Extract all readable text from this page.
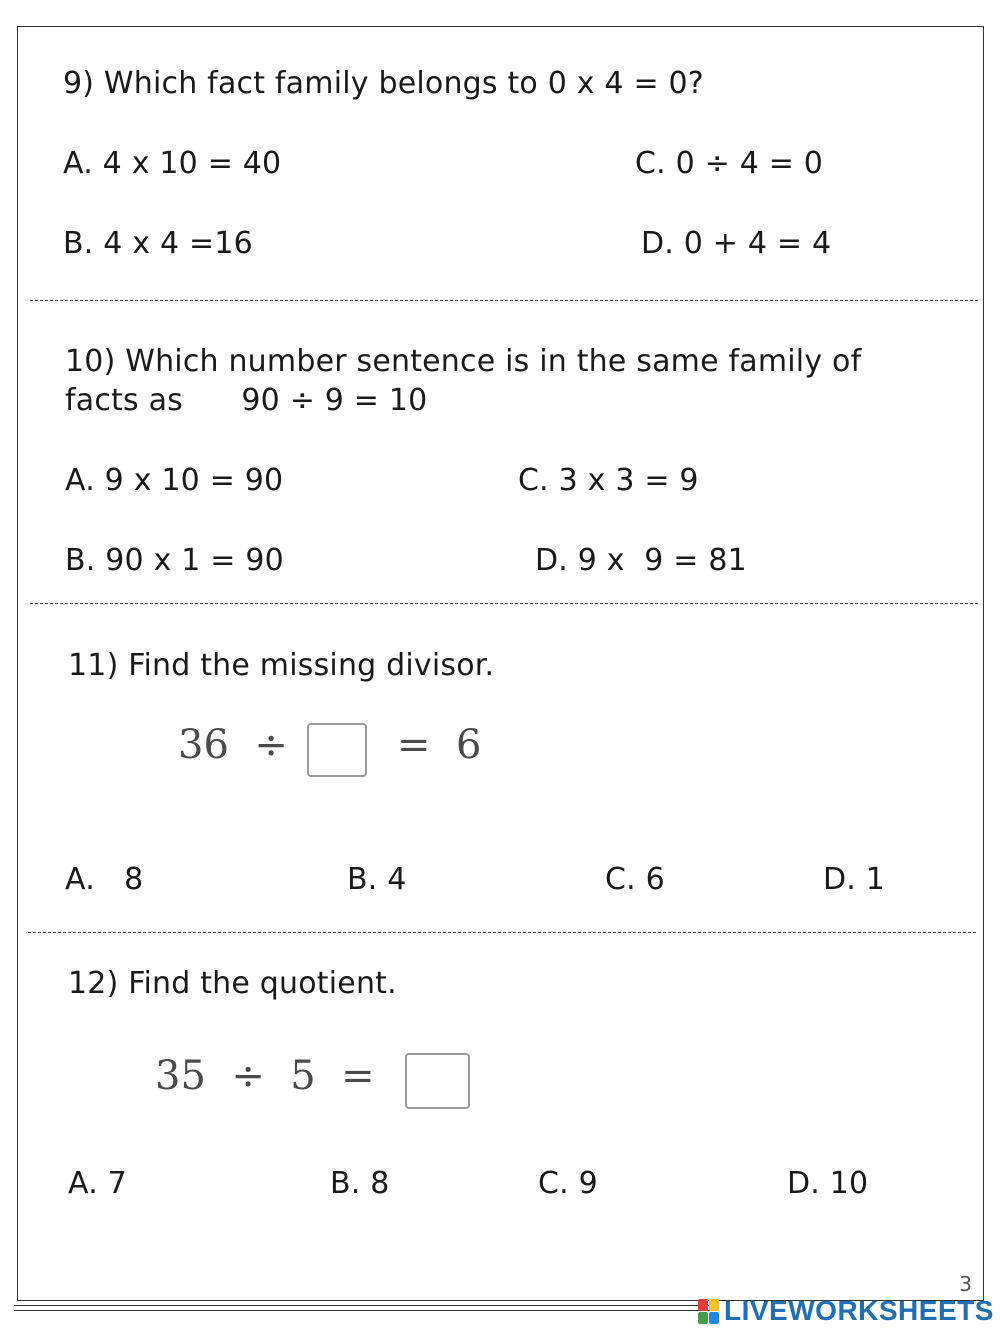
9) Which fact family belongs to 0 x 4 = 0?
A. 4 x 10 = 40	C. 0 ÷ 4 = 0
B. 4 x 4 =16	D. 0 + 4 = 4
10) Which number sentence is in the same family of
facts as      90 ÷ 9 = 10
A. 9 x 10 = 90	C. 3 x 3 = 9
B. 90 x 1 = 90	D. 9 x  9 = 81
11) Find the missing divisor.
36  ÷	=  6
A.   8	B. 4	C. 6	D. 1
12) Find the quotient.
35  ÷  5  =
A. 7	B. 8	C. 9	D. 10
3
LIVEWORKSHEETS
